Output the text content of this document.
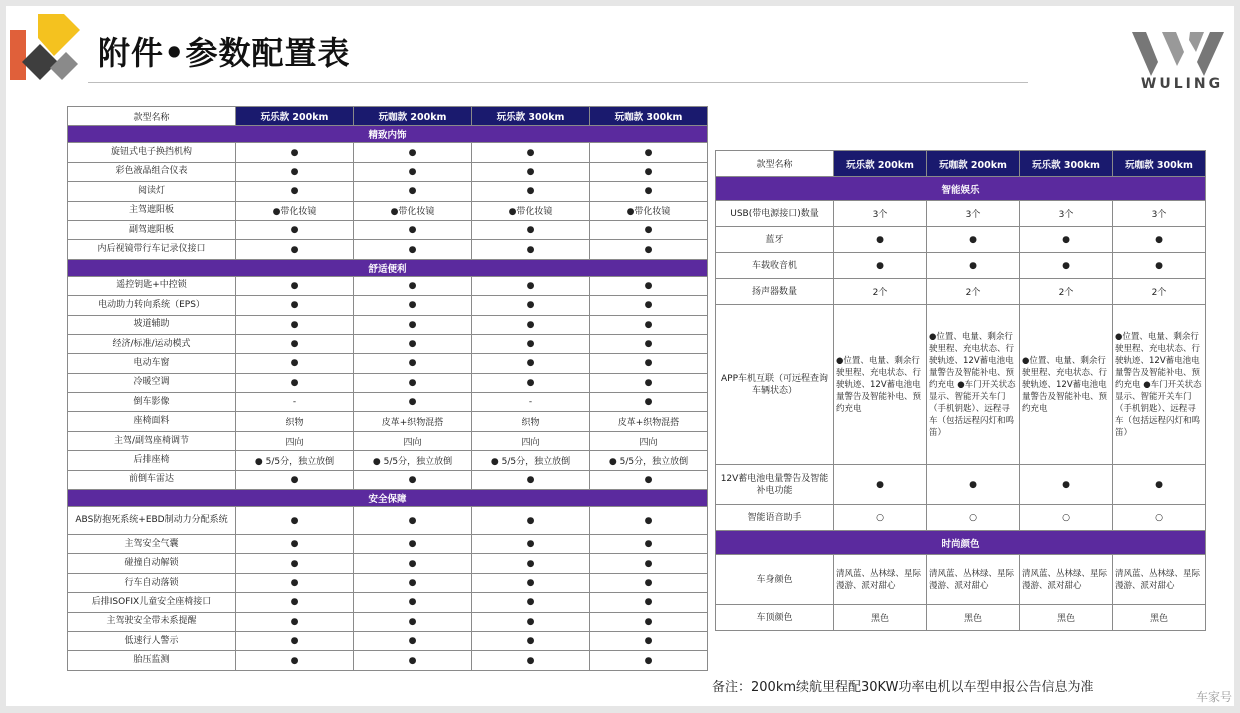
附件•参数配置表
WULING
款型名称	玩乐款 200km	玩咖款 200km	玩乐款 300km	玩咖款 300km
精致内饰				
旋钮式电子换挡机构	●	●	●	●
彩色液晶组合仪表	●	●	●	●
阅读灯	●	●	●	●
主驾遮阳板	●带化妆镜	●带化妆镜	●带化妆镜	●带化妆镜
副驾遮阳板	●	●	●	●
内后视镜带行车记录仪接口	●	●	●	●
舒适便利				
遥控钥匙+中控锁	●	●	●	●
电动助力转向系统（EPS）	●	●	●	●
坡道辅助	●	●	●	●
经济/标准/运动模式	●	●	●	●
电动车窗	●	●	●	●
冷暖空调	●	●	●	●
倒车影像	-	●	-	●
座椅面料	织物	皮革+织物混搭	织物	皮革+织物混搭
主驾/副驾座椅调节	四向	四向	四向	四向
后排座椅	● 5/5分，独立放倒	● 5/5分，独立放倒	● 5/5分，独立放倒	● 5/5分，独立放倒
前倒车雷达	●	●	●	●
安全保障				
ABS防抱死系统+EBD制动力分配系统	●	●	●	●
主驾安全气囊	●	●	●	●
碰撞自动解锁	●	●	●	●
行车自动落锁	●	●	●	●
后排ISOFIX儿童安全座椅接口	●	●	●	●
主驾驶安全带未系提醒	●	●	●	●
低速行人警示	●	●	●	●
胎压监测	●	●	●	●
款型名称	玩乐款 200km	玩咖款 200km	玩乐款 300km	玩咖款 300km
智能娱乐				
USB(带电源接口)数量	3个	3个	3个	3个
蓝牙	●	●	●	●
车载收音机	●	●	●	●
扬声器数量	2个	2个	2个	2个
APP车机互联（可远程查询车辆状态）	●位置、电量、剩余行驶里程、充电状态、行驶轨迹、12V蓄电池电量警告及智能补电、预约充电	●位置、电量、剩余行驶里程、充电状态、行驶轨迹、12V蓄电池电量警告及智能补电、预约充电 ●车门开关状态显示、智能开关车门（手机钥匙）、远程寻车（包括远程闪灯和鸣笛）	●位置、电量、剩余行驶里程、充电状态、行驶轨迹、12V蓄电池电量警告及智能补电、预约充电	●位置、电量、剩余行驶里程、充电状态、行驶轨迹、12V蓄电池电量警告及智能补电、预约充电 ●车门开关状态显示、智能开关车门（手机钥匙）、远程寻车（包括远程闪灯和鸣笛）
12V蓄电池电量警告及智能补电功能	●	●	●	●
智能语音助手	○	○	○	○
时尚颜色				
车身颜色	清风蓝、丛林绿、星际漫游、派对甜心	清风蓝、丛林绿、星际漫游、派对甜心	清风蓝、丛林绿、星际漫游、派对甜心	清风蓝、丛林绿、星际漫游、派对甜心
车顶颜色	黑色	黑色	黑色	黑色
备注：200km续航里程配30KW功率电机以车型申报公告信息为准
车家号
